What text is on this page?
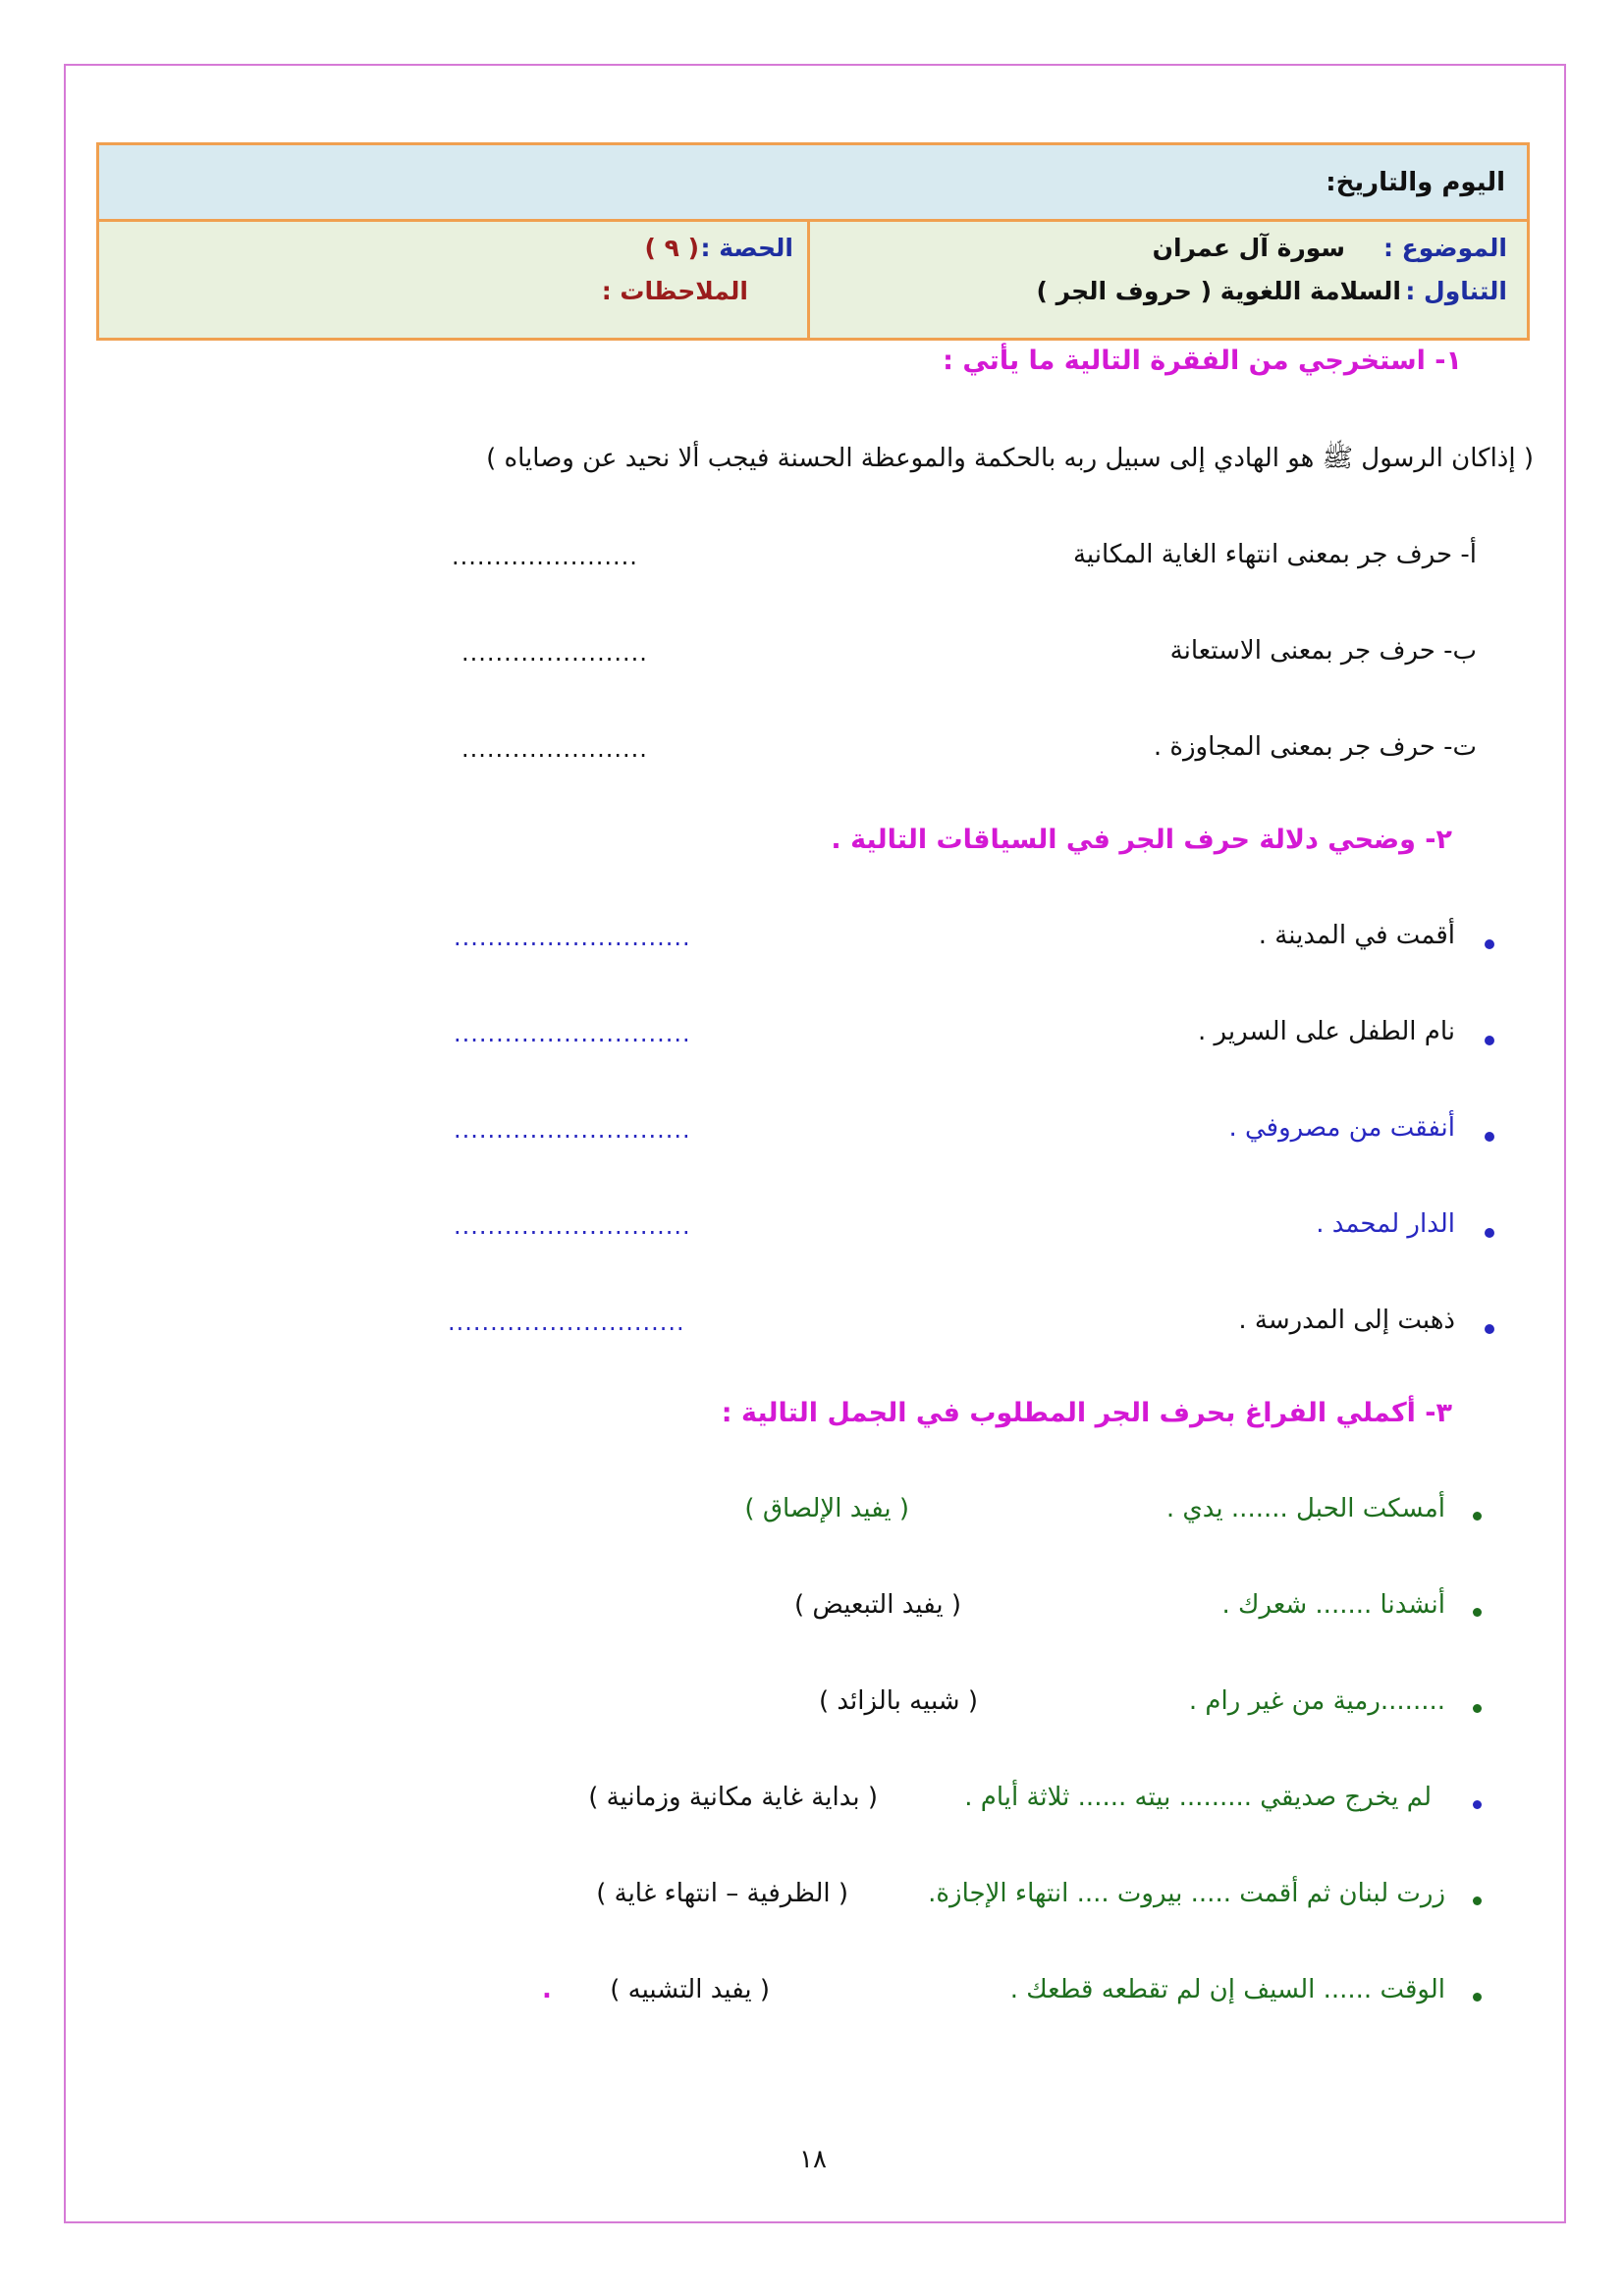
اليوم والتاريخ:

الموضوع :
سورة آل عمران
التناول :
السلامة اللغوية ( حروف الجر )

الحصة :
( ٩ )
الملاحظات :
١- استخرجي من الفقرة التالية ما يأتي :
( إذاكان الرسول ﷺ هو الهادي إلى سبيل ربه بالحكمة والموعظة الحسنة فيجب ألا نحيد عن وصاياه )
أ- حرف جر بمعنى انتهاء الغاية المكانية
......................
ب- حرف جر بمعنى الاستعانة
......................
ت- حرف جر بمعنى المجاوزة .
......................
٢- وضحي دلالة حرف الجر في السياقات التالية .
أقمت في المدينة .
............................
نام الطفل على السرير .
............................
أنفقت من مصروفي .
............................
الدار لمحمد .
............................
ذهبت إلى المدرسة .
............................
٣- أكملي الفراغ بحرف الجر المطلوب في الجمل التالية :
أمسكت الحبل ....... يدي .
( يفيد الإلصاق )
أنشدنا ....... شعرك .
( يفيد التبعيض )
........رمية من غير رام .
( شبيه بالزائد )
لم يخرج صديقي ......... بيته ...... ثلاثة أيام .
( بداية غاية مكانية وزمانية )
زرت لبنان ثم أقمت ..... بيروت .... انتهاء الإجازة.
( الظرفية – انتهاء غاية )
الوقت ...... السيف إن لم تقطعه قطعك .
( يفيد التشبيه )
.
١٨
